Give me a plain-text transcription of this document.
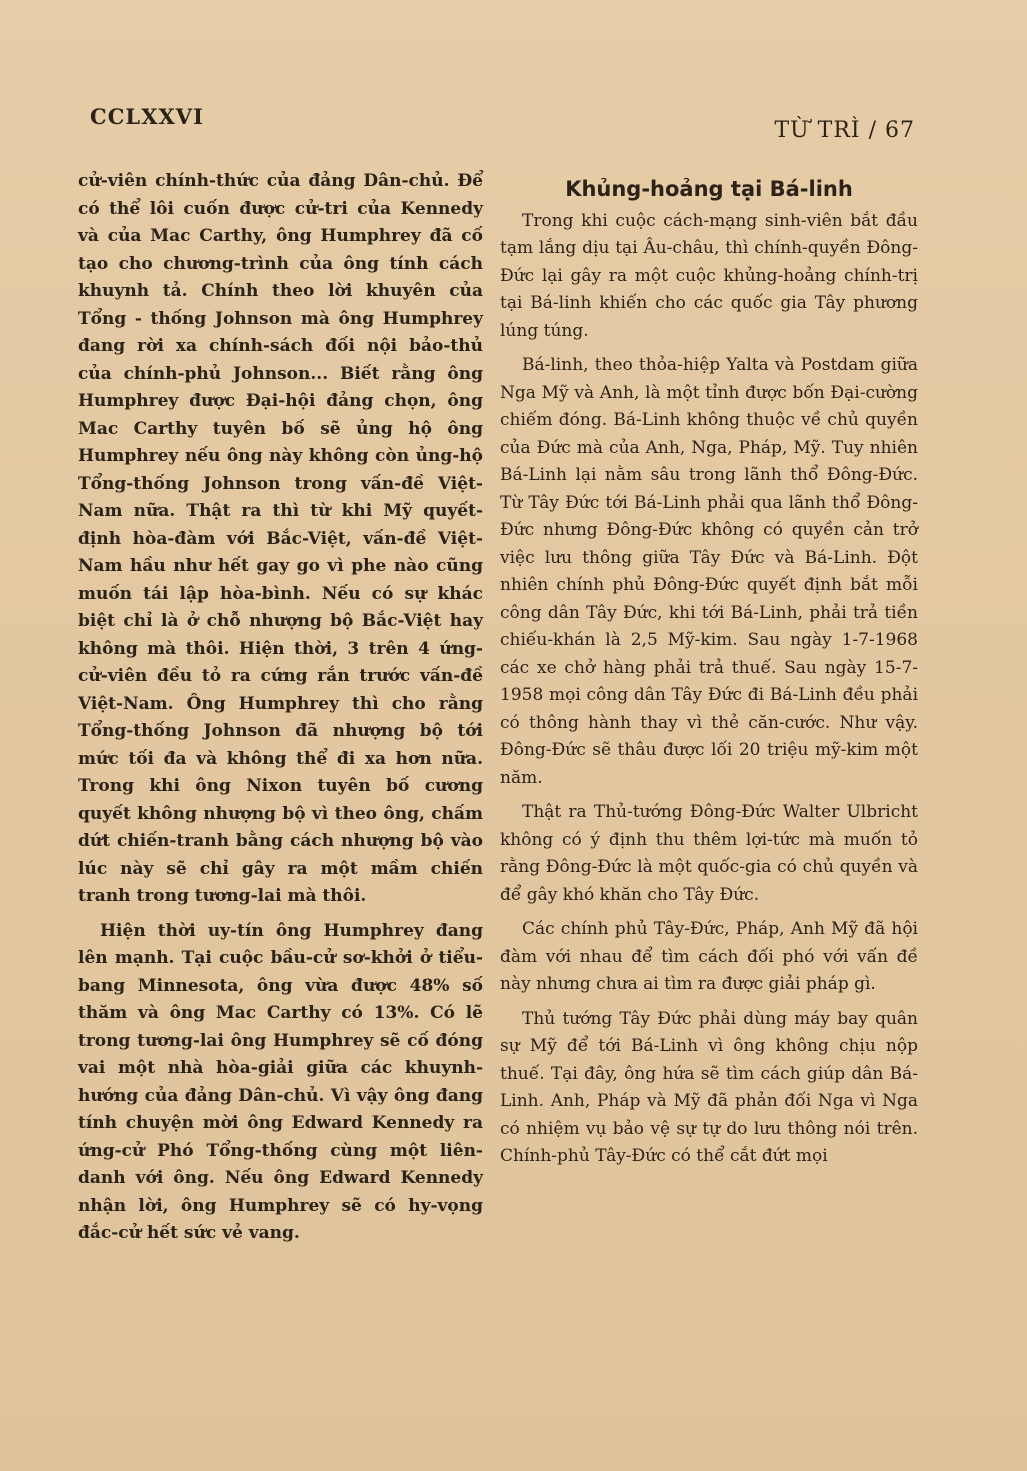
CCLXXVI
TỪ TRÌ / 67

cử-viên chính-thức của đảng Dân-chủ. Để có thể lôi cuốn được cử-tri của Kennedy và của Mac Carthy, ông Humphrey đã cố tạo cho chương-trình của ông tính cách khuynh tả. Chính theo lời khuyên của Tổng - thống Johnson mà ông Humphrey đang rời xa chính-sách đối nội bảo-thủ của chính-phủ Johnson... Biết rằng ông Humphrey được Đại-hội đảng chọn, ông Mac Carthy tuyên bố sẽ ủng hộ ông Humphrey nếu ông này không còn ủng-hộ Tổng-thống Johnson trong vấn-đề Việt-Nam nữa. Thật ra thì từ khi Mỹ quyết-định hòa-đàm với Bắc-Việt, vấn-đề Việt-Nam hầu như hết gay go vì phe nào cũng muốn tái lập hòa-bình. Nếu có sự khác biệt chỉ là ở chỗ nhượng bộ Bắc-Việt hay không mà thôi. Hiện thời, 3 trên 4 ứng-cử-viên đều tỏ ra cứng rắn trước vấn-đề Việt-Nam. Ông Humphrey thì cho rằng Tổng-thống Johnson đã nhượng bộ tới mức tối đa và không thể đi xa hơn nữa. Trong khi ông Nixon tuyên bố cương quyết không nhượng bộ vì theo ông, chấm dứt chiến-tranh bằng cách nhượng bộ vào lúc này sẽ chỉ gây ra một mầm chiến tranh trong tương-lai mà thôi.

Hiện thời uy-tín ông Humphrey đang lên mạnh. Tại cuộc bầu-cử sơ-khởi ở tiểu-bang Minnesota, ông vừa được 48% số thăm và ông Mac Carthy có 13%. Có lẽ trong tương-lai ông Humphrey sẽ cố đóng vai một nhà hòa-giải giữa các khuynh-hướng của đảng Dân-chủ. Vì vậy ông đang tính chuyện mời ông Edward Kennedy ra ứng-cử Phó Tổng-thống cùng một liên-danh với ông. Nếu ông Edward Kennedy nhận lời, ông Humphrey sẽ có hy-vọng đắc-cử hết sức vẻ vang.

Khủng-hoảng tại Bá-linh

Trong khi cuộc cách-mạng sinh-viên bắt đầu tạm lắng dịu tại Âu-châu, thì chính-quyền Đông-Đức lại gây ra một cuộc khủng-hoảng chính-trị tại Bá-linh khiến cho các quốc gia Tây phương lúng túng.

Bá-linh, theo thỏa-hiệp Yalta và Postdam giữa Nga Mỹ và Anh, là một tỉnh được bốn Đại-cường chiếm đóng. Bá-Linh không thuộc về chủ quyền của Đức mà của Anh, Nga, Pháp, Mỹ. Tuy nhiên Bá-Linh lại nằm sâu trong lãnh thổ Đông-Đức. Từ Tây Đức tới Bá-Linh phải qua lãnh thổ Đông-Đức nhưng Đông-Đức không có quyền cản trở việc lưu thông giữa Tây Đức và Bá-Linh. Đột nhiên chính phủ Đông-Đức quyết định bắt mỗi công dân Tây Đức, khi tới Bá-Linh, phải trả tiền chiếu-khán là 2,5 Mỹ-kim. Sau ngày 1-7-1968 các xe chở hàng phải trả thuế. Sau ngày 15-7-1958 mọi công dân Tây Đức đi Bá-Linh đều phải có thông hành thay vì thẻ căn-cước. Như vậy. Đông-Đức sẽ thâu được lối 20 triệu mỹ-kim một năm.

Thật ra Thủ-tướng Đông-Đức Walter Ulbricht không có ý định thu thêm lợi-tức mà muốn tỏ rằng Đông-Đức là một quốc-gia có chủ quyền và để gây khó khăn cho Tây Đức.

Các chính phủ Tây-Đức, Pháp, Anh Mỹ đã hội đàm với nhau để tìm cách đối phó với vấn đề này nhưng chưa ai tìm ra được giải pháp gì.

Thủ tướng Tây Đức phải dùng máy bay quân sự Mỹ để tới Bá-Linh vì ông không chịu nộp thuế. Tại đây, ông hứa sẽ tìm cách giúp dân Bá-Linh. Anh, Pháp và Mỹ đã phản đối Nga vì Nga có nhiệm vụ bảo vệ sự tự do lưu thông nói trên. Chính-phủ Tây-Đức có thể cắt đứt mọi
